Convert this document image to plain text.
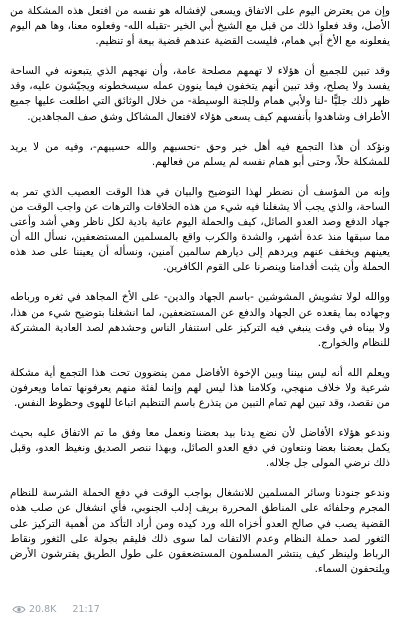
وإن من يعترض اليوم على الاتفاق ويسعى لإفشاله هو نفسه من افتعل هذه المشكلة من الأصل، وقد فعلوا ذلك من قبل مع الشيخ أبي الخير -تقبله الله- وفعلوه معنا، وها هم اليوم يفعلونه مع الأخ أبي همام، فليست القضية عندهم قضية بيعة أو تنظيم.

وقد تبين للجميع أن هؤلاء لا تهمهم مصلحة عامة، وأن نهجهم الذي يتبعونه في الساحة يفسد ولا يصلح، وقد تبين أنهم يتخفون فيما ينوون عمله سيسخطونه ويجيّشون عليه، وقد ظهر ذلك جليًّا -لنا ولأبي همام وللجنة الوسيطة- من خلال الوثائق التي اطلعت عليها جميع الأطراف وشاهدوا بأنفسهم كيف يسعى هؤلاء لافتعال المشاكل وشق صف المجاهدين.

ونؤكد أن هذا التجمع فيه أهل خير وحق -نحسبهم والله حسيبهم-، وفيه من لا يريد للمشكلة حلاً، وحتى أبو همام نفسه لم يسلم من فعالهم.

وإنه من المؤسف أن نضطر لهذا التوضيح والبيان في هذا الوقت العصيب الذي تمر به الساحة، والذي يجب ألا يشغلنا فيه شيء من هذه الخلافات والترهات عن واجب الوقت من جهاد الدفع وصد العدو الصائل، كيف والحملة اليوم عاتية بادية لكل ناظر وهي أشد وأعتى مما سبقها منذ عدة أشهر، والشدة والكرب واقع بالمسلمين المستضعفين، نسأل الله أن يعينهم ويخفف عنهم ويردهم إلى ديارهم سالمين آمنين، ونسأله أن يعيننا على صد هذه الحملة وأن يثبت أقدامنا وينصرنا على القوم الكافرين.

ووالله لولا تشويش المشوشين -باسم الجهاد والدين- على الأخ المجاهد في ثغره ورباطه وجهاده بما يقعده عن الجهاد والدفع عن المستضعفين، لما انشغلنا بتوضيح شيء من هذا، ولا بيناه في وقت ينبغي فيه التركيز على استنفار الناس وحشدهم لصد العادية المشتركة للنظام والخوارج.

ويعلم الله أنه ليس بيننا وبين الإخوة الأفاضل ممن ينضوون تحت هذا التجمع أية مشكلة شرعية ولا خلاف منهجي، وكلامنا هذا ليس لهم وإنما لفئة منهم يعرفونها تماما ويعرفون من نقصد، وقد تبين لهم تمام التبين من يتذرع باسم التنظيم اتباعا للهوى وحظوظ النفس.

وندعو هؤلاء الأفاضل لأن نضع يدنا بيد بعضنا ونعمل معا وفق ما تم الاتفاق عليه بحيث يكمل بعضنا بعضا ونتعاون في دفع العدو الصائل، وبهذا ننصر الصديق ونغيظ العدو، وقبل ذلك نرضي المولى جل جلاله.

وندعو جنودنا وسائر المسلمين للانشغال بواجب الوقت في دفع الحملة الشرسة للنظام المجرم وحلفائه على المناطق المحررة بريف إدلب الجنوبي، فأي انشغال عن صلب هذه القضية يصب في صالح العدو أخزاه الله ورد كيده ومن أراد التأكد من أهمية التركيز على الثغور لصد حملة النظام وعدم الالتفات لما سوى ذلك فليقم بجولة على الثغور ونقاط الرباط ولينظر كيف ينتشر المسلمون المستضعفون على طول الطريق يفترشون الأرض ويلتحفون السماء.

20.8K 21:17
